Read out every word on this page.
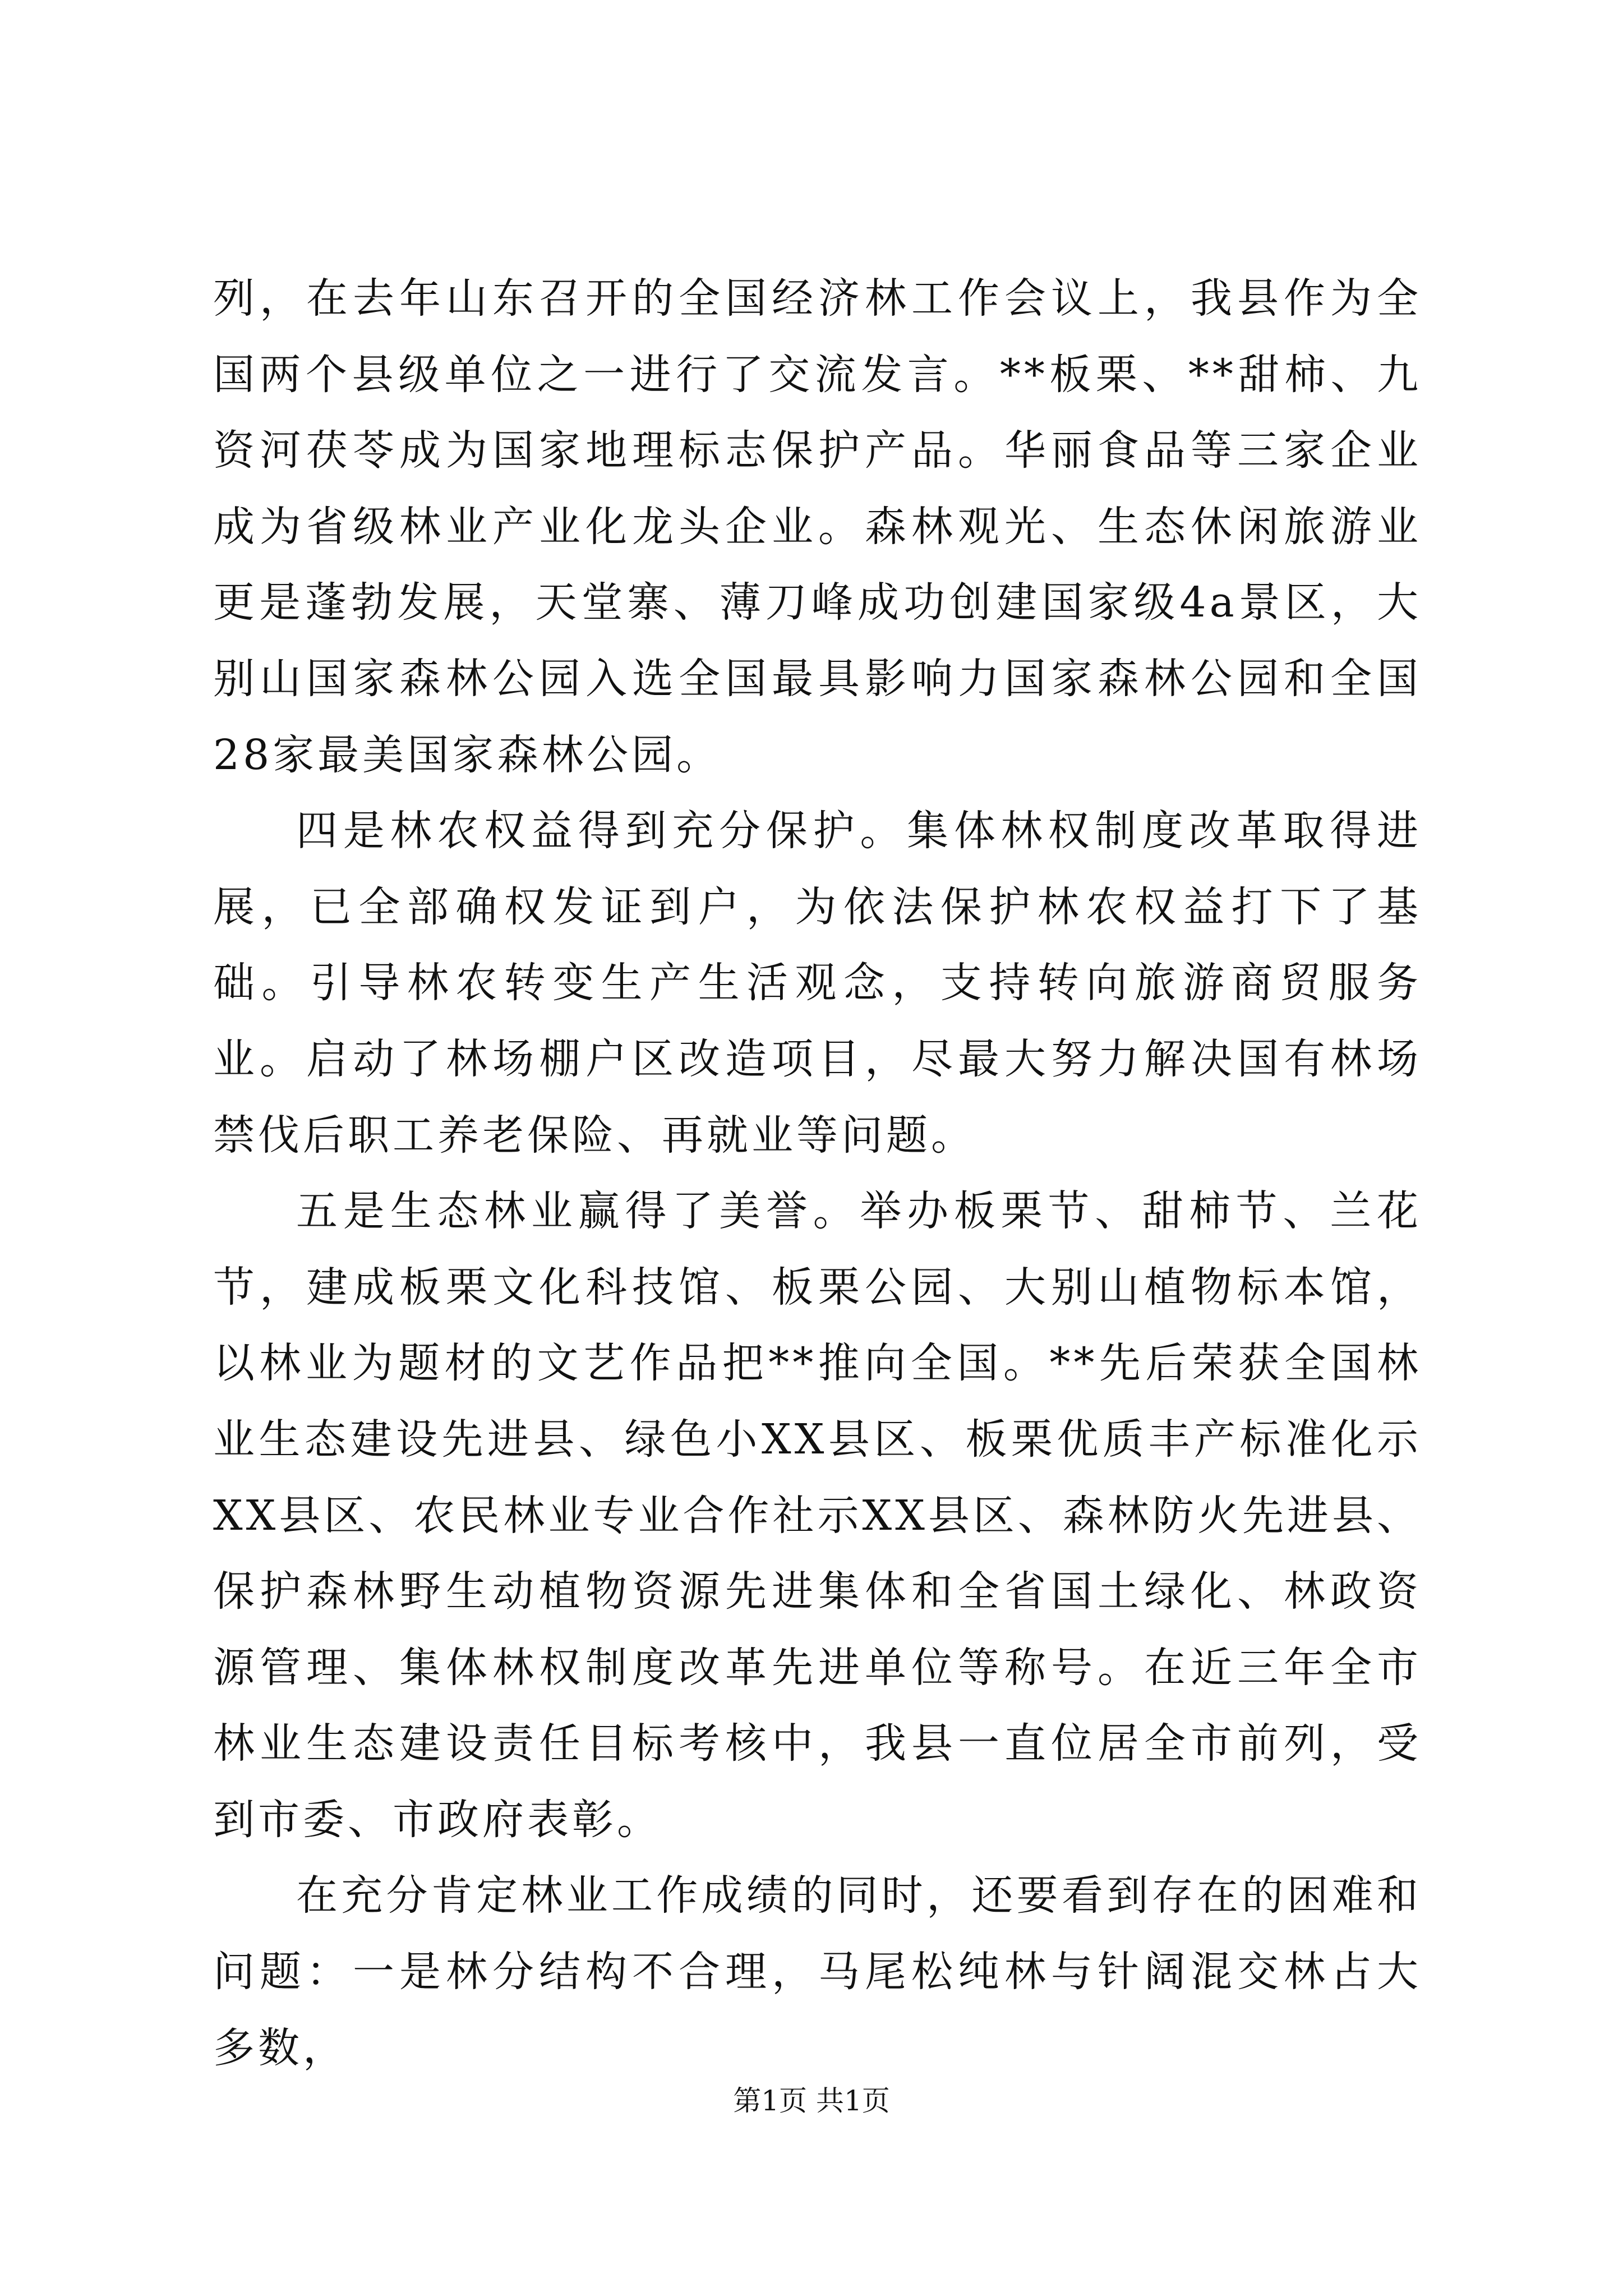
列，在去年山东召开的全国经济林工作会议上，我县作为全国两个县级单位之一进行了交流发言。**板栗、**甜柿、九资河茯苓成为国家地理标志保护产品。华丽食品等三家企业成为省级林业产业化龙头企业。森林观光、生态休闲旅游业更是蓬勃发展，天堂寨、薄刀峰成功创建国家级4a景区，大别山国家森林公园入选全国最具影响力国家森林公园和全国28家最美国家森林公园。

四是林农权益得到充分保护。集体林权制度改革取得进展，已全部确权发证到户，为依法保护林农权益打下了基础。引导林农转变生产生活观念，支持转向旅游商贸服务业。启动了林场棚户区改造项目，尽最大努力解决国有林场禁伐后职工养老保险、再就业等问题。

五是生态林业赢得了美誉。举办板栗节、甜柿节、兰花节，建成板栗文化科技馆、板栗公园、大别山植物标本馆，以林业为题材的文艺作品把**推向全国。**先后荣获全国林业生态建设先进县、绿色小XX县区、板栗优质丰产标准化示XX县区、农民林业专业合作社示XX县区、森林防火先进县、保护森林野生动植物资源先进集体和全省国土绿化、林政资源管理、集体林权制度改革先进单位等称号。在近三年全市林业生态建设责任目标考核中，我县一直位居全市前列，受到市委、市政府表彰。

在充分肯定林业工作成绩的同时，还要看到存在的困难和问题：一是林分结构不合理，马尾松纯林与针阔混交林占大多数，

第1页 共1页
